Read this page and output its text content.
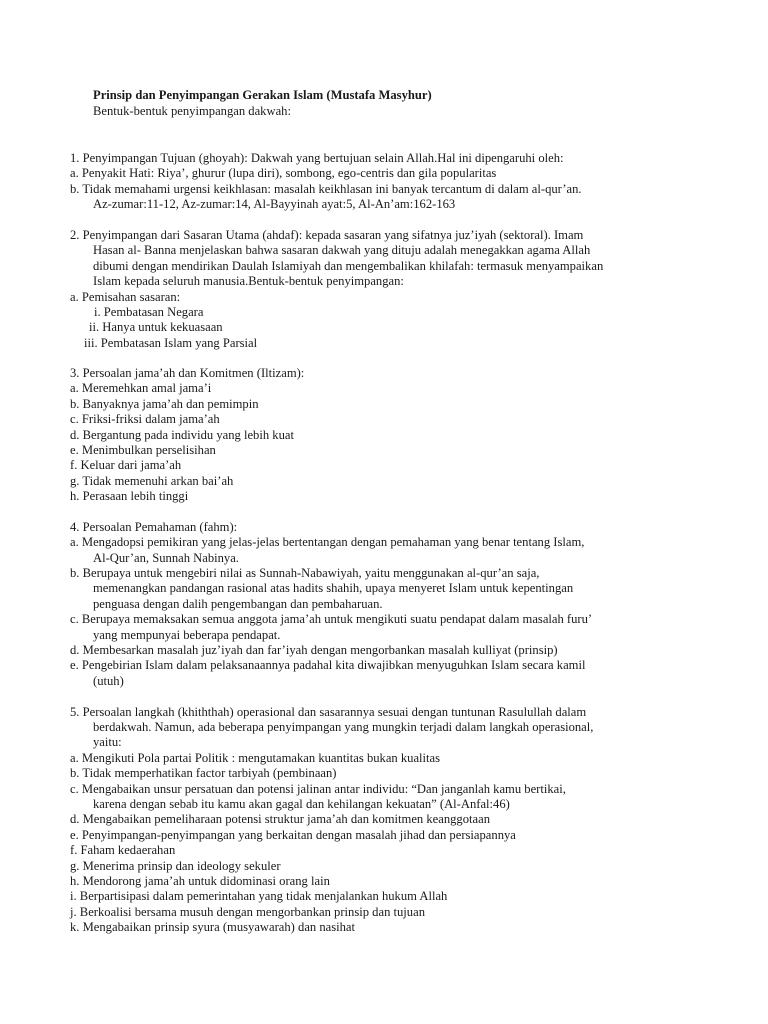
Prinsip dan Penyimpangan Gerakan Islam (Mustafa Masyhur)
Bentuk-bentuk penyimpangan dakwah:
1. Penyimpangan Tujuan (ghoyah): Dakwah yang bertujuan selain Allah.Hal ini dipengaruhi oleh:
a. Penyakit Hati: Riya’, ghurur (lupa diri), sombong, ego-centris dan gila popularitas
b. Tidak memahami urgensi keikhlasan: masalah keikhlasan ini banyak tercantum di dalam al-qur’an.
Az-zumar:11-12, Az-zumar:14, Al-Bayyinah ayat:5, Al-An’am:162-163
2. Penyimpangan dari Sasaran Utama (ahdaf): kepada sasaran yang sifatnya juz’iyah (sektoral). Imam
Hasan al- Banna menjelaskan bahwa sasaran dakwah yang dituju adalah menegakkan agama Allah
dibumi dengan mendirikan Daulah Islamiyah dan mengembalikan khilafah: termasuk menyampaikan
Islam kepada seluruh manusia.Bentuk-bentuk penyimpangan:
a. Pemisahan sasaran:
i. Pembatasan Negara
ii. Hanya untuk kekuasaan
iii. Pembatasan Islam yang Parsial
3. Persoalan jama’ah dan Komitmen (Iltizam):
a. Meremehkan amal jama’i
b. Banyaknya jama’ah dan pemimpin
c. Friksi-friksi dalam jama’ah
d. Bergantung pada individu yang lebih kuat
e. Menimbulkan perselisihan
f. Keluar dari jama’ah
g. Tidak memenuhi arkan bai’ah
h. Perasaan lebih tinggi
4. Persoalan Pemahaman (fahm):
a. Mengadopsi pemikiran yang jelas-jelas bertentangan dengan pemahaman yang benar tentang Islam,
Al-Qur’an, Sunnah Nabinya.
b. Berupaya untuk mengebiri nilai as Sunnah-Nabawiyah, yaitu menggunakan al-qur’an saja,
memenangkan pandangan rasional atas hadits shahih, upaya menyeret Islam untuk kepentingan
penguasa dengan dalih pengembangan dan pembaharuan.
c. Berupaya memaksakan semua anggota jama’ah untuk mengikuti suatu pendapat dalam masalah furu’
yang mempunyai beberapa pendapat.
d. Membesarkan masalah juz’iyah dan far’iyah dengan mengorbankan masalah kulliyat (prinsip)
e. Pengebirian Islam dalam pelaksanaannya padahal kita diwajibkan menyuguhkan Islam secara kamil
(utuh)
5. Persoalan langkah (khiththah) operasional dan sasarannya sesuai dengan tuntunan Rasulullah dalam
berdakwah. Namun, ada beberapa penyimpangan yang mungkin terjadi dalam langkah operasional,
yaitu:
a. Mengikuti Pola partai Politik : mengutamakan kuantitas bukan kualitas
b. Tidak memperhatikan factor tarbiyah (pembinaan)
c. Mengabaikan unsur persatuan dan potensi jalinan antar individu: “Dan janganlah kamu bertikai,
karena dengan sebab itu kamu akan gagal dan kehilangan kekuatan” (Al-Anfal:46)
d. Mengabaikan pemeliharaan potensi struktur jama’ah dan komitmen keanggotaan
e. Penyimpangan-penyimpangan yang berkaitan dengan masalah jihad dan persiapannya
f. Faham kedaerahan
g. Menerima prinsip dan ideology sekuler
h. Mendorong jama’ah untuk didominasi orang lain
i. Berpartisipasi dalam pemerintahan yang tidak menjalankan hukum Allah
j. Berkoalisi bersama musuh dengan mengorbankan prinsip dan tujuan
k. Mengabaikan prinsip syura (musyawarah) dan nasihat
